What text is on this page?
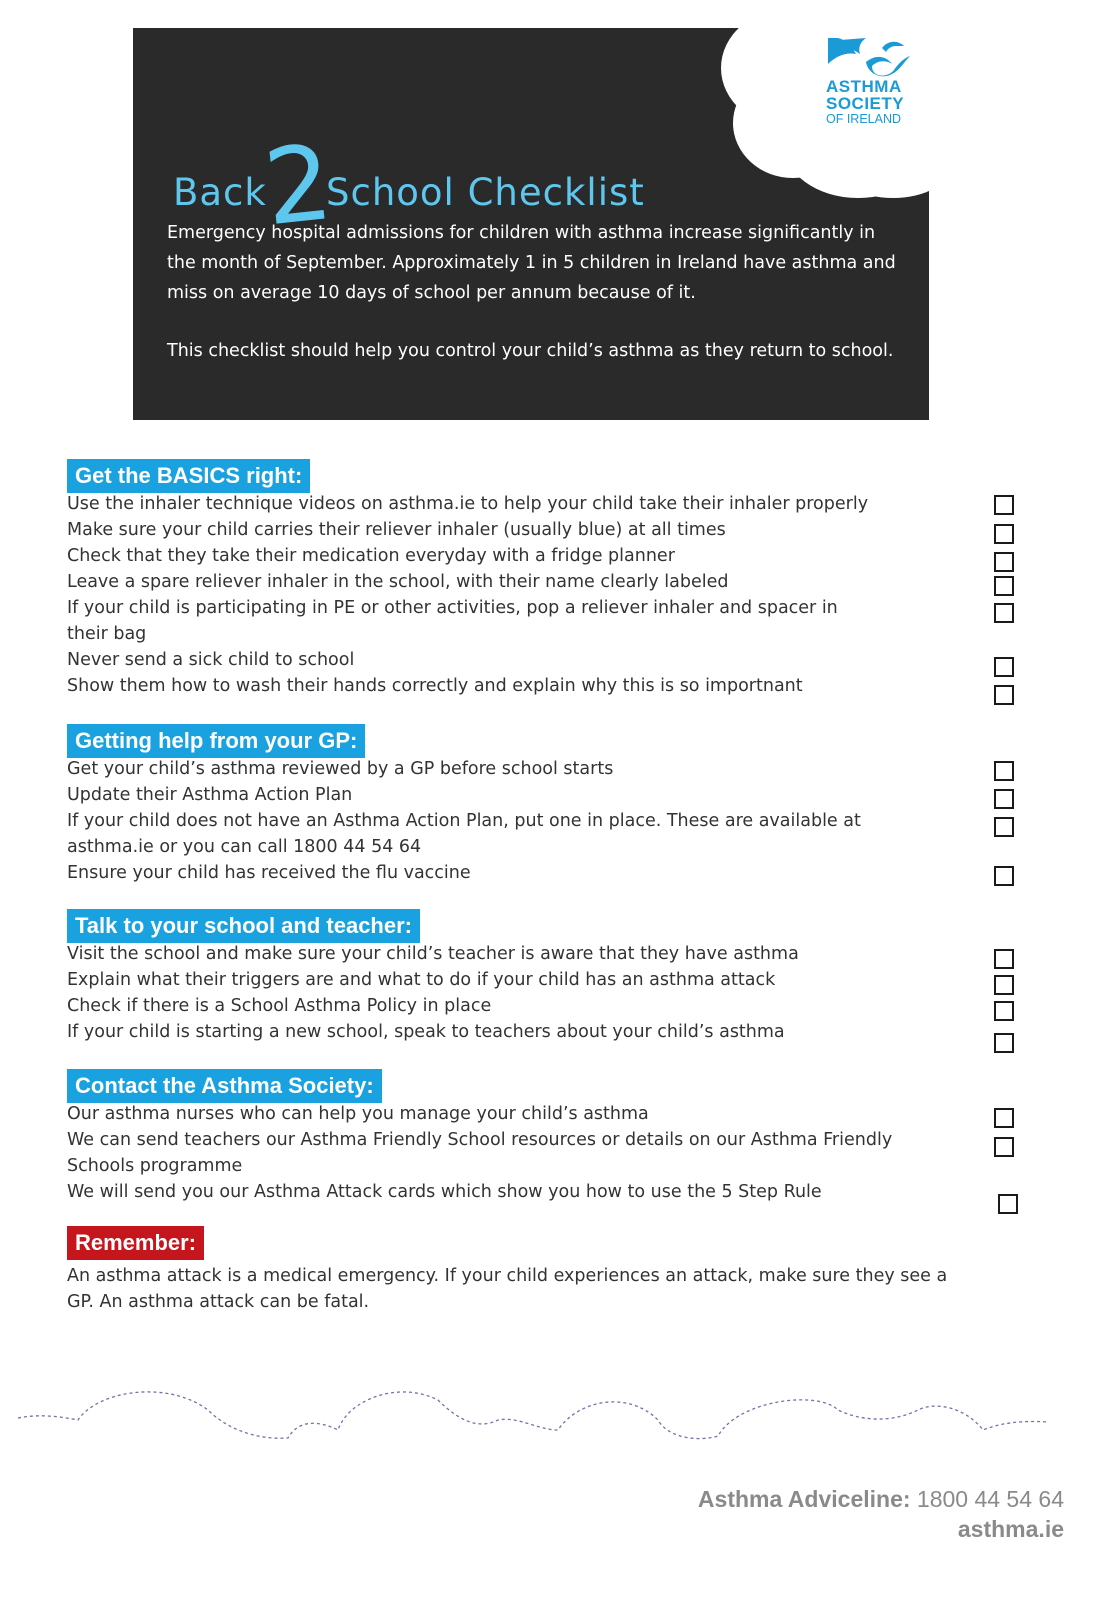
Back2School Checklist

Emergency hospital admissions for children with asthma increase significantly in the month of September. Approximately 1 in 5 children in Ireland have asthma and miss on average 10 days of school per annum because of it.

This checklist should help you control your child’s asthma as they return to school.

ASTHMA
SOCIETY
OF IRELAND
Get the BASICS right:
Use the inhaler technique videos on asthma.ie to help your child take their inhaler properly
Make sure your child carries their reliever inhaler (usually blue) at all times
Check that they take their medication everyday with a fridge planner
Leave a spare reliever inhaler in the school, with their name clearly labeled
If your child is participating in PE or other activities, pop a reliever inhaler and spacer in
their bag
Never send a sick child to school
Show them how to wash their hands correctly and explain why this is so importnant
Getting help from your GP:
Get your child’s asthma reviewed by a GP before school starts
Update their Asthma Action Plan
If your child does not have an Asthma Action Plan, put one in place. These are available at
asthma.ie or you can call 1800 44 54 64
Ensure your child has received the flu vaccine
Talk to your school and teacher:
Visit the school and make sure your child’s teacher is aware that they have asthma
Explain what their triggers are and what to do if your child has an asthma attack
Check if there is a School Asthma Policy in place
If your child is starting a new school, speak to teachers about your child’s asthma
Contact the Asthma Society:
Our asthma nurses who can help you manage your child’s asthma
We can send teachers our Asthma Friendly School resources or details on our Asthma Friendly
Schools programme
We will send you our Asthma Attack cards which show you how to use the 5 Step Rule
Remember:
An asthma attack is a medical emergency. If your child experiences an attack, make sure they see a
GP. An asthma attack can be fatal.
Asthma Adviceline: 1800 44 54 64
asthma.ie
